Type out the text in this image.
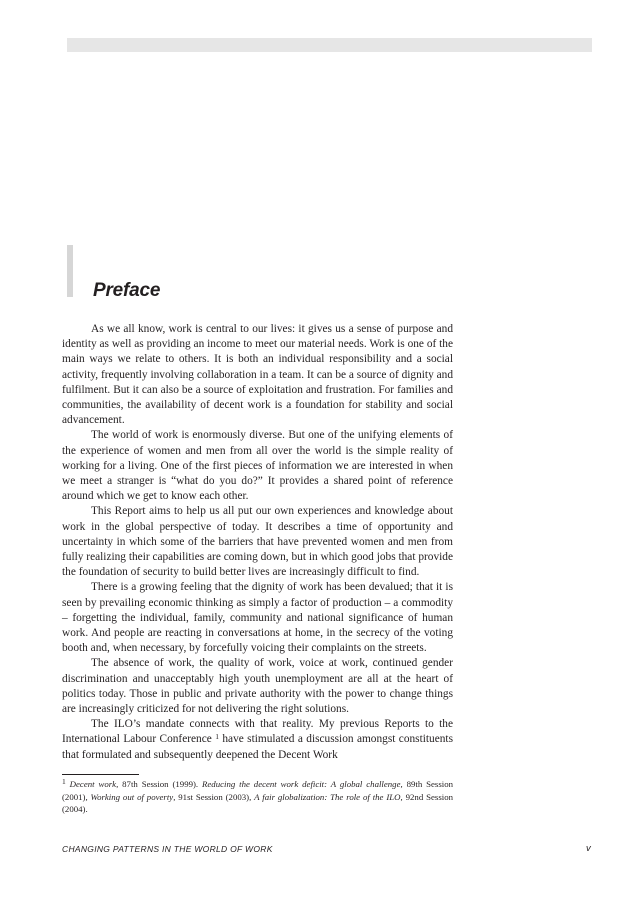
Preface

As we all know, work is central to our lives: it gives us a sense of purpose and identity as well as providing an income to meet our material needs. Work is one of the main ways we relate to others. It is both an individual responsibility and a social activity, frequently involving collaboration in a team. It can be a source of dignity and fulfilment. But it can also be a source of exploitation and frustration. For families and communities, the availability of decent work is a foundation for stability and social advancement.

The world of work is enormously diverse. But one of the unifying elements of the experience of women and men from all over the world is the simple reality of working for a living. One of the first pieces of information we are interested in when we meet a stranger is “what do you do?” It provides a shared point of reference around which we get to know each other.

This Report aims to help us all put our own experiences and knowledge about work in the global perspective of today. It describes a time of opportunity and uncertainty in which some of the barriers that have prevented women and men from fully realizing their capabilities are coming down, but in which good jobs that provide the foundation of security to build better lives are increasingly difficult to find.

There is a growing feeling that the dignity of work has been devalued; that it is seen by prevailing economic thinking as simply a factor of production – a commodity – forgetting the individual, family, community and national significance of human work. And people are reacting in conversations at home, in the secrecy of the voting booth and, when necessary, by forcefully voicing their complaints on the streets.

The absence of work, the quality of work, voice at work, continued gender discrimination and unacceptably high youth unemployment are all at the heart of politics today. Those in public and private authority with the power to change things are increasingly criticized for not delivering the right solutions.

The ILO’s mandate connects with that reality. My previous Reports to the International Labour Conference $^1$ have stimulated a discussion amongst constituents that formulated and subsequently deepened the Decent Work

$^1$ Decent work, 87th Session (1999). Reducing the decent work deficit: A global challenge, 89th Session (2001), Working out of poverty, 91st Session (2003), A fair globalization: The role of the ILO, 92nd Session (2004).

CHANGING PATTERNS IN THE WORLD OF WORK	v
